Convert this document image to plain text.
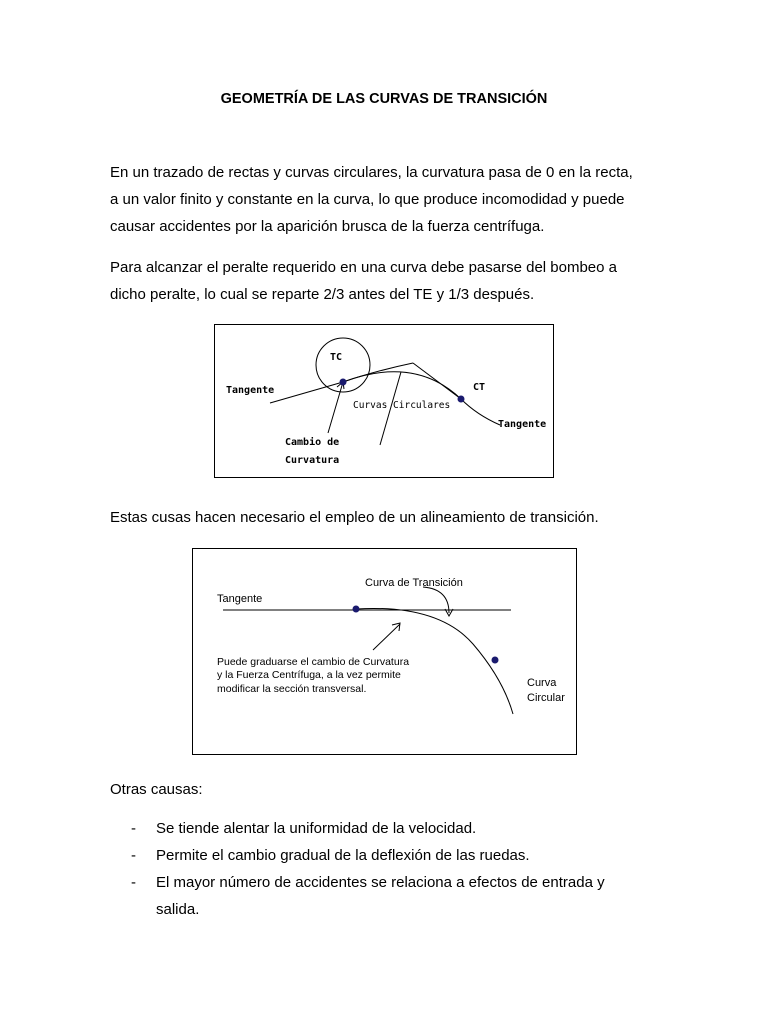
GEOMETRÍA DE LAS CURVAS DE TRANSICIÓN
En un trazado de rectas y curvas circulares, la curvatura pasa de 0 en la recta,
a un valor finito y constante en la curva, lo que produce incomodidad y puede
causar accidentes por la aparición brusca de la fuerza centrífuga.
Para alcanzar el peralte requerido en una curva debe pasarse del bombeo a
dicho peralte, lo cual se reparte 2/3 antes del TE y 1/3 después.
TC
CT
Tangente
Tangente
Cambio de
Curvatura
Curvas Circulares
Estas cusas hacen necesario el empleo de un alineamiento de transición.
Tangente
Curva de Transición
Puede graduarse el cambio de Curvatura
y la Fuerza Centrífuga, a la vez permite
modificar la sección transversal.	Curva
Circular
Otras causas:
- Se tiende alentar la uniformidad de la velocidad.
- Permite el cambio gradual de la deflexión de las ruedas.
- El mayor número de accidentes se relaciona a efectos de entrada y
salida.
